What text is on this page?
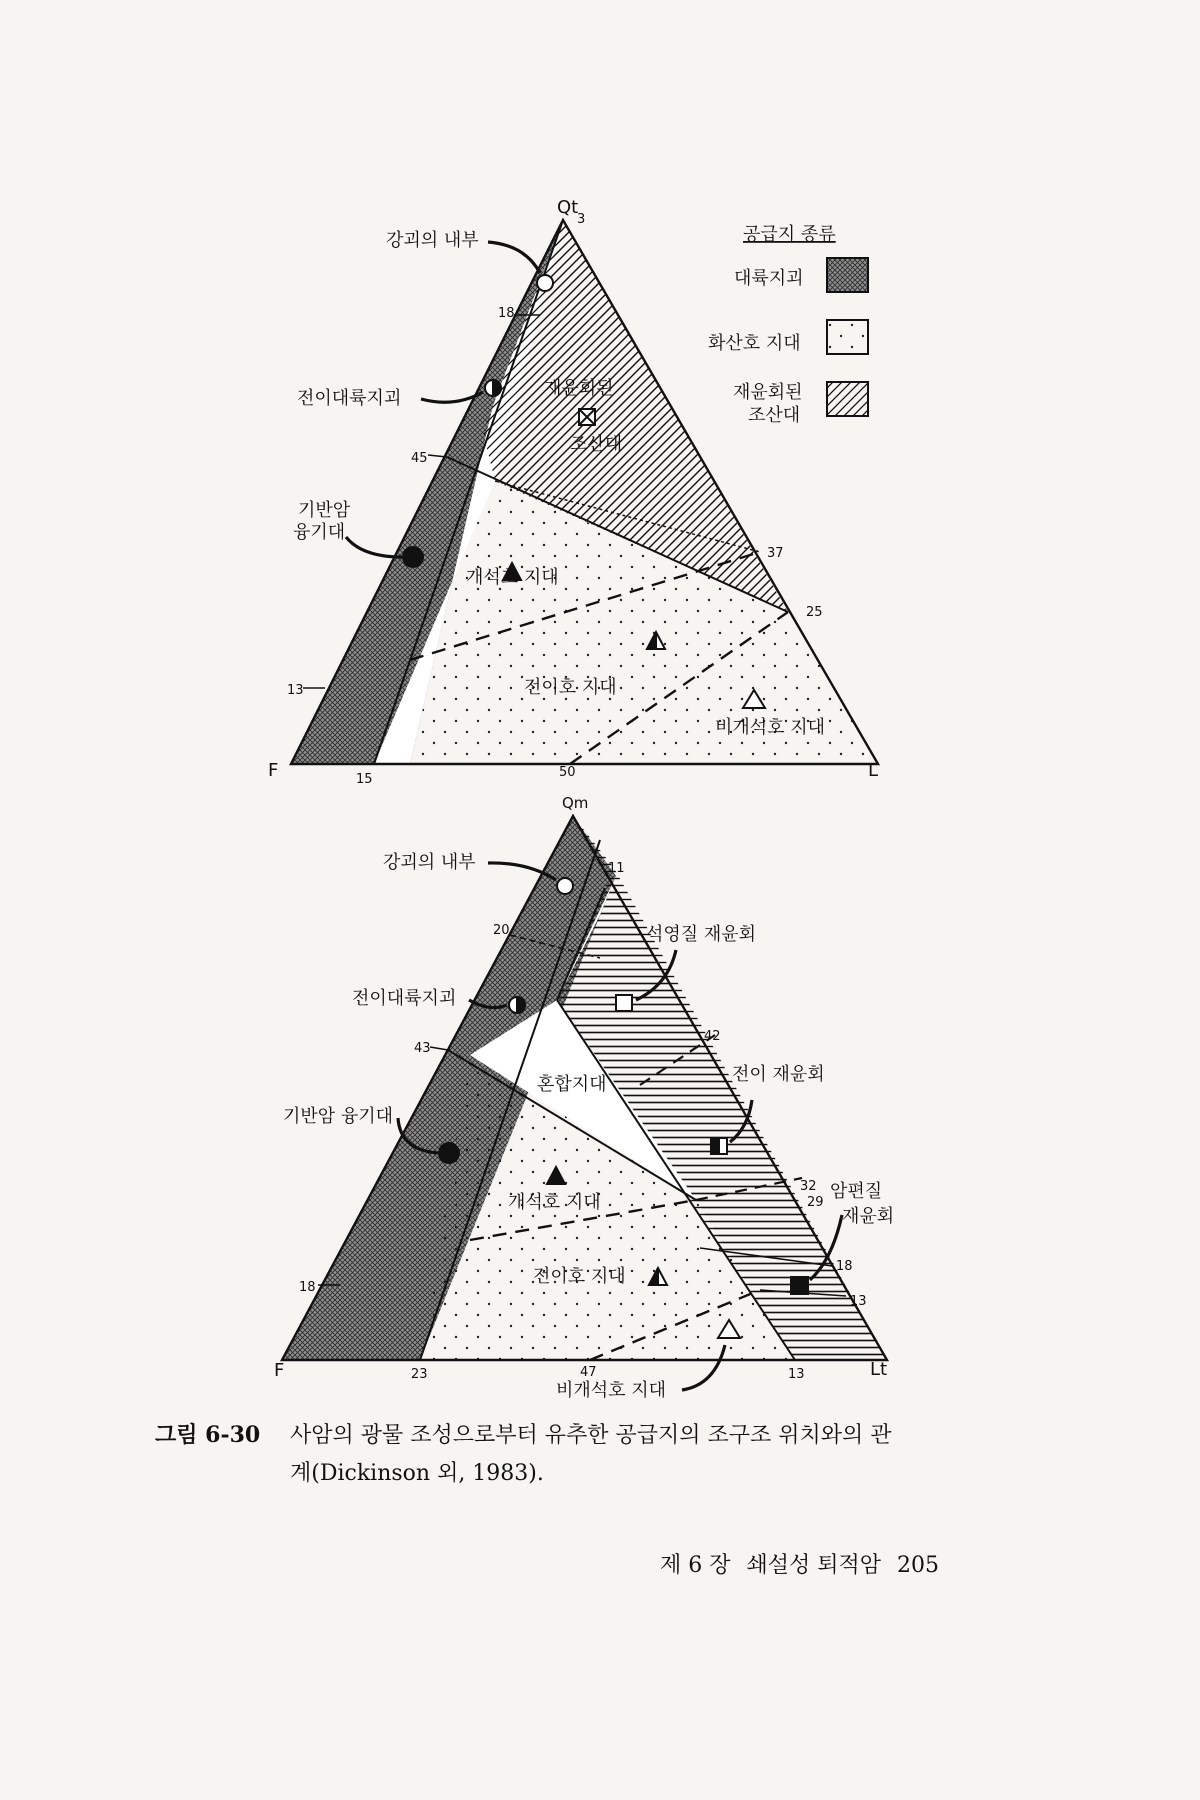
Qt
3
F	L
강괴의 내부
전이대륙지괴
기반암
융기대
재윤회된
조산대
개석호 지대
전이호 지대
비개석호 지대
18
45
13
37
25
15	50
공급지 종류
대륙지괴
화산호 지대
재윤회된
조산대
Qm
F	Lt
강괴의 내부
전이대륙지괴
기반암 융기대
석영질 재윤회
전이 재윤회
혼합지대
개석호 지대
전이호 지대
비개석호 지대
암편질
재윤회
11
20
43
18
42
32
29
18
13
23	47	13
그림 6-30 사암의 광물 조성으로부터 유추한 공급지의 조구조 위치와의 관
계(Dickinson 외, 1983).
제 6 장 쇄설성 퇴적암 205
